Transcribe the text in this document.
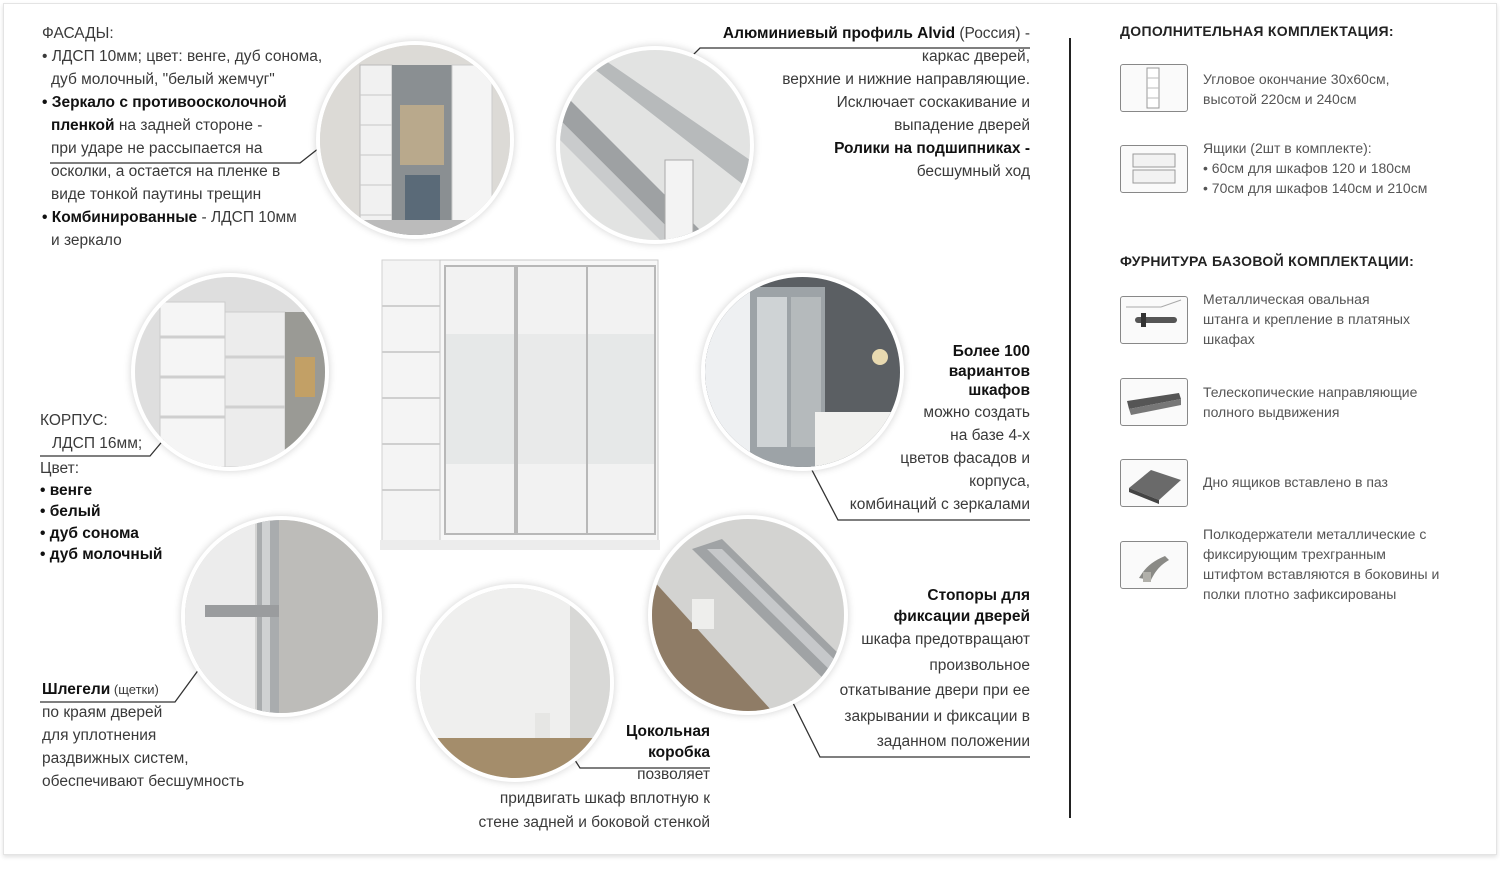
ФАСАДЫ:
• ЛДСП 10мм; цвет: венге, дуб сонома,
дуб молочный, "белый жемчуг"
• Зеркало с противоосколочной
пленкой на задней стороне -
при ударе не рассыпается на
осколки, а остается на пленке в
виде тонкой паутины трещин
• Комбинированные - ЛДСП 10мм
и зеркало
Алюминиевый профиль Alvid (Россия) -
каркас дверей,
верхние и нижние направляющие.
Исключает соскакивание и
выпадение дверей
Ролики на подшипниках -
бесшумный ход
КОРПУС:
ЛДСП 16мм;
Цвет:
• венге
• белый
• дуб сонома
• дуб молочный
Более 100
вариантов
шкафов
можно создать
на базе 4-х
цветов фасадов и
корпуса,
комбинаций с зеркалами
Шлегели (щетки)
по краям дверей
для уплотнения
раздвижных систем,
обеспечивают бесшумность
Цокольная
коробка
позволяет
придвигать шкаф вплотную к
стене задней и боковой стенкой
Стопоры для
фиксации дверей
шкафа предотвращают
произвольное
откатывание двери при ее
закрывании и фиксации в
заданном положении
ДОПОЛНИТЕЛЬНАЯ КОМПЛЕКТАЦИЯ:
Угловое окончание 30х60см,
высотой 220см и 240см
Ящики (2шт в комплекте):
• 60см для шкафов 120 и 180см
• 70см для шкафов 140см и 210см
ФУРНИТУРА БАЗОВОЙ КОМПЛЕКТАЦИИ:
Металлическая овальная
штанга и крепление в платяных
шкафах
Телескопические направляющие
полного выдвижения
Дно ящиков вставлено в паз
Полкодержатели металлические с
фиксирующим трехгранным
штифтом вставляются в боковины и
полки плотно зафиксированы
